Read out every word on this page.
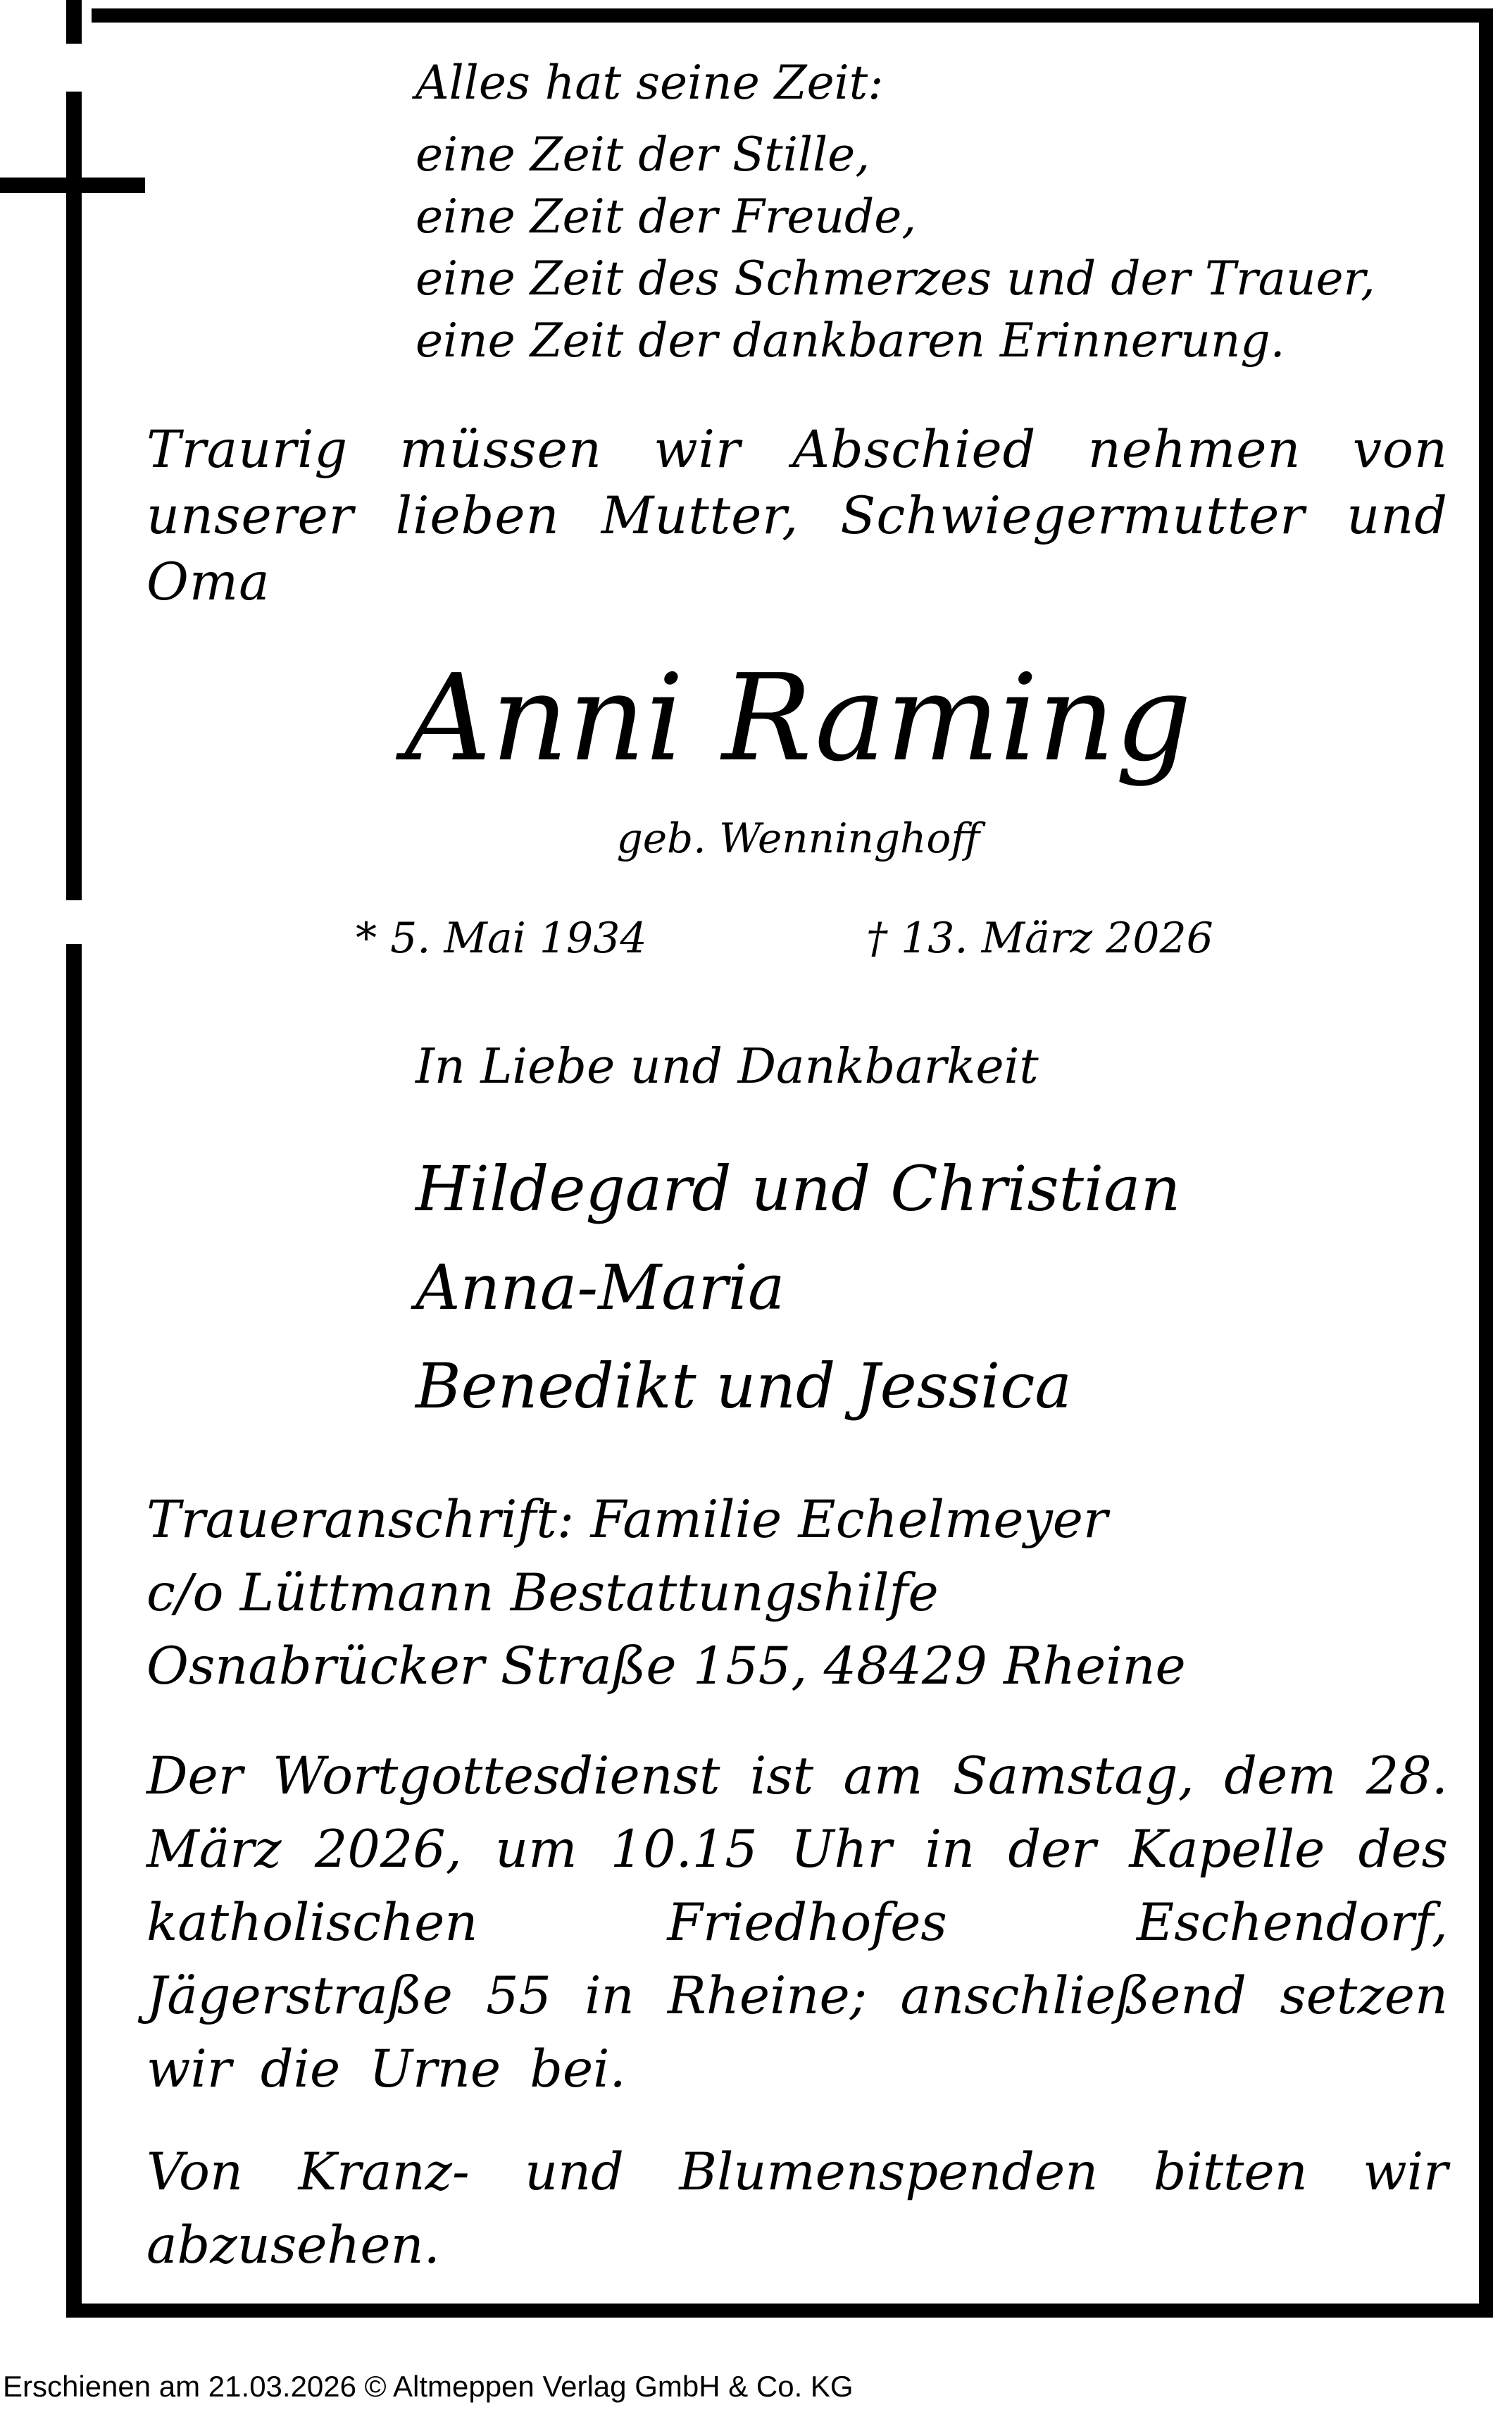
Alles hat seine Zeit:
eine Zeit der Stille,
eine Zeit der Freude,
eine Zeit des Schmerzes und der Trauer,
eine Zeit der dankbaren Erinnerung.
Traurig müssen wir Abschied nehmen von unserer lieben Mutter, Schwiegermutter und Oma
Anni Raming
geb. Wenninghoff
* 5. Mai 1934	† 13. März 2026
In Liebe und Dankbarkeit
Hildegard und Christian
Anna-Maria
Benedikt und Jessica
Traueranschrift: Familie Echelmeyer
c/o Lüttmann Bestattungshilfe
Osnabrücker Straße 155, 48429 Rheine
Der Wortgottesdienst ist am Samstag, dem 28. März 2026, um 10.15 Uhr in der Kapelle des katholischen Friedhofes Eschendorf, Jägerstraße 55 in Rheine; anschließend setzen wir die Urne bei.
Von Kranz- und Blumenspenden bitten wir abzusehen.
Erschienen am 21.03.2026 © Altmeppen Verlag GmbH & Co. KG
